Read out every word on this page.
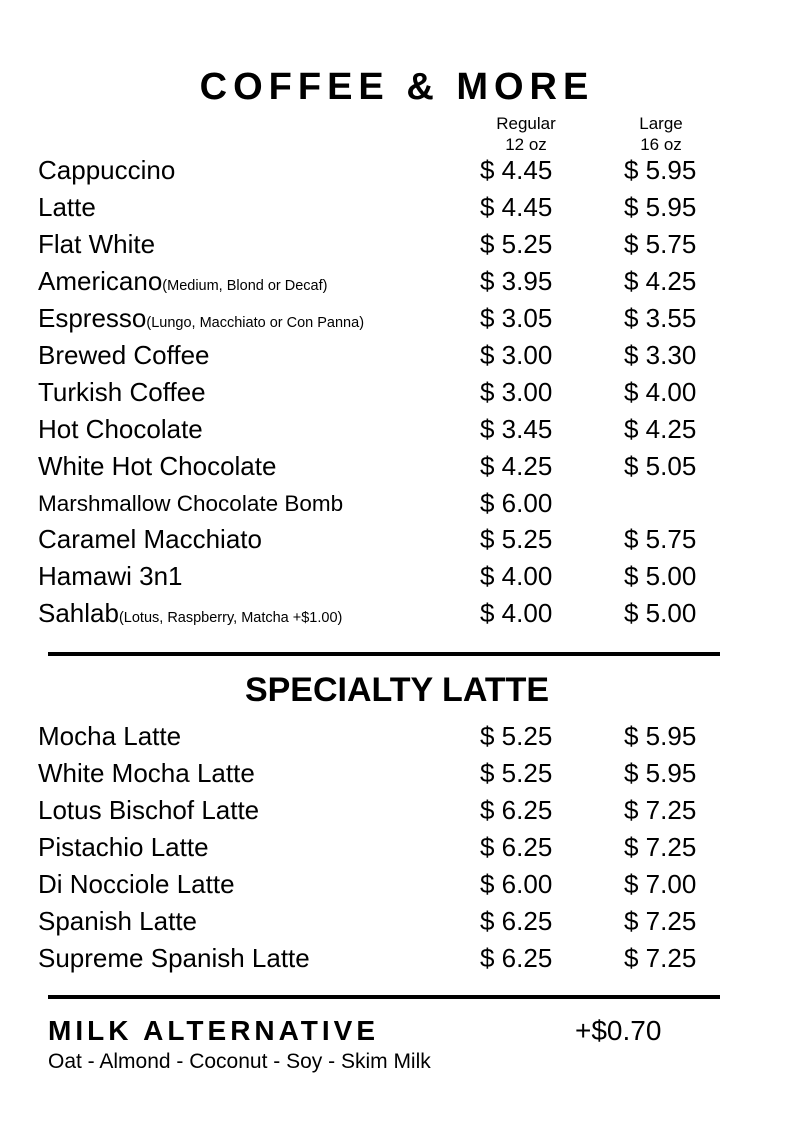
COFFEE & MORE
Regular
12 oz
Large
16 oz
Cappuccino	$ 4.45	$ 5.95
Latte	$ 4.45	$ 5.95
Flat White	$ 5.25	$ 5.75
Americano(Medium, Blond or Decaf)	$ 3.95	$ 4.25
Espresso(Lungo, Macchiato or Con Panna)	$ 3.05	$ 3.55
Brewed Coffee	$ 3.00	$ 3.30
Turkish Coffee	$ 3.00	$ 4.00
Hot Chocolate	$ 3.45	$ 4.25
White Hot Chocolate	$ 4.25	$ 5.05
Marshmallow Chocolate Bomb	$ 6.00
Caramel Macchiato	$ 5.25	$ 5.75
Hamawi 3n1	$ 4.00	$ 5.00
Sahlab(Lotus, Raspberry, Matcha +$1.00)	$ 4.00	$ 5.00
SPECIALTY LATTE
Mocha Latte	$ 5.25	$ 5.95
White Mocha Latte	$ 5.25	$ 5.95
Lotus Bischof Latte	$ 6.25	$ 7.25
Pistachio Latte	$ 6.25	$ 7.25
Di Nocciole Latte	$ 6.00	$ 7.00
Spanish Latte	$ 6.25	$ 7.25
Supreme Spanish Latte	$ 6.25	$ 7.25
MILK ALTERNATIVE	+$0.70
Oat - Almond - Coconut - Soy - Skim Milk
